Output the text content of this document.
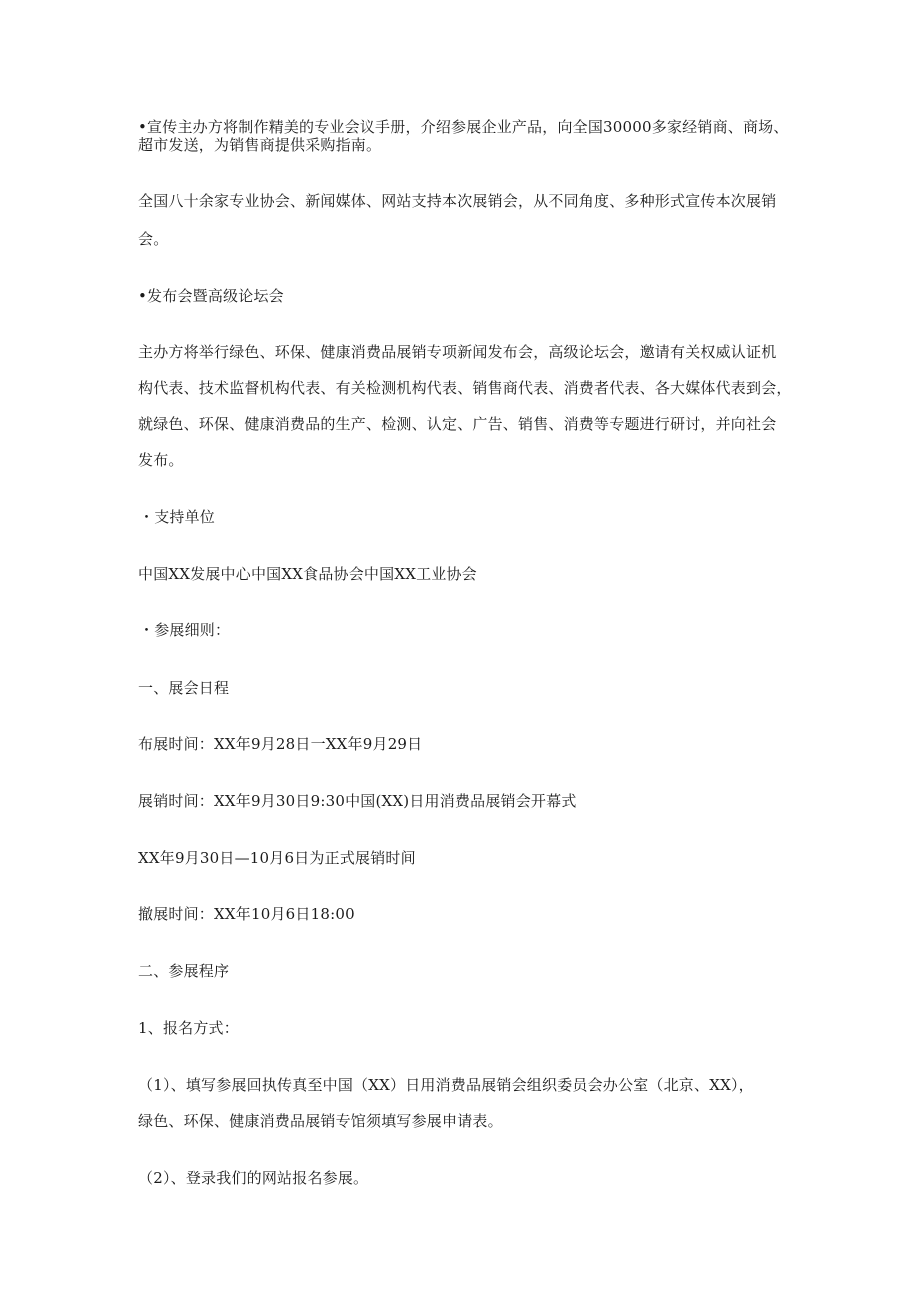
•宣传主办方将制作精美的专业会议手册，介绍参展企业产品，向全国30000多家经销商、商场、
超市发送，为销售商提供采购指南。
全国八十余家专业协会、新闻媒体、网站支持本次展销会，从不同角度、多种形式宣传本次展销
会。
•发布会暨高级论坛会
主办方将举行绿色、环保、健康消费品展销专项新闻发布会，高级论坛会，邀请有关权威认证机
构代表、技术监督机构代表、有关检测机构代表、销售商代表、消费者代表、各大媒体代表到会，
就绿色、环保、健康消费品的生产、检测、认定、广告、销售、消费等专题进行研讨，并向社会
发布。
・支持单位
中国XX发展中心中国XX食品协会中国XX工业协会
・参展细则：
一、展会日程
布展时间：XX年9月28日一XX年9月29日
展销时间：XX年9月30日9:30中国(XX)日用消费品展销会开幕式
XX年9月30日—10月6日为正式展销时间
撤展时间：XX年10月6日18:00
二、参展程序
1、报名方式：
（1）、填写参展回执传真至中国（XX）日用消费品展销会组织委员会办公室（北京、XX），
绿色、环保、健康消费品展销专馆须填写参展申请表。
（2）、登录我们的网站报名参展。
